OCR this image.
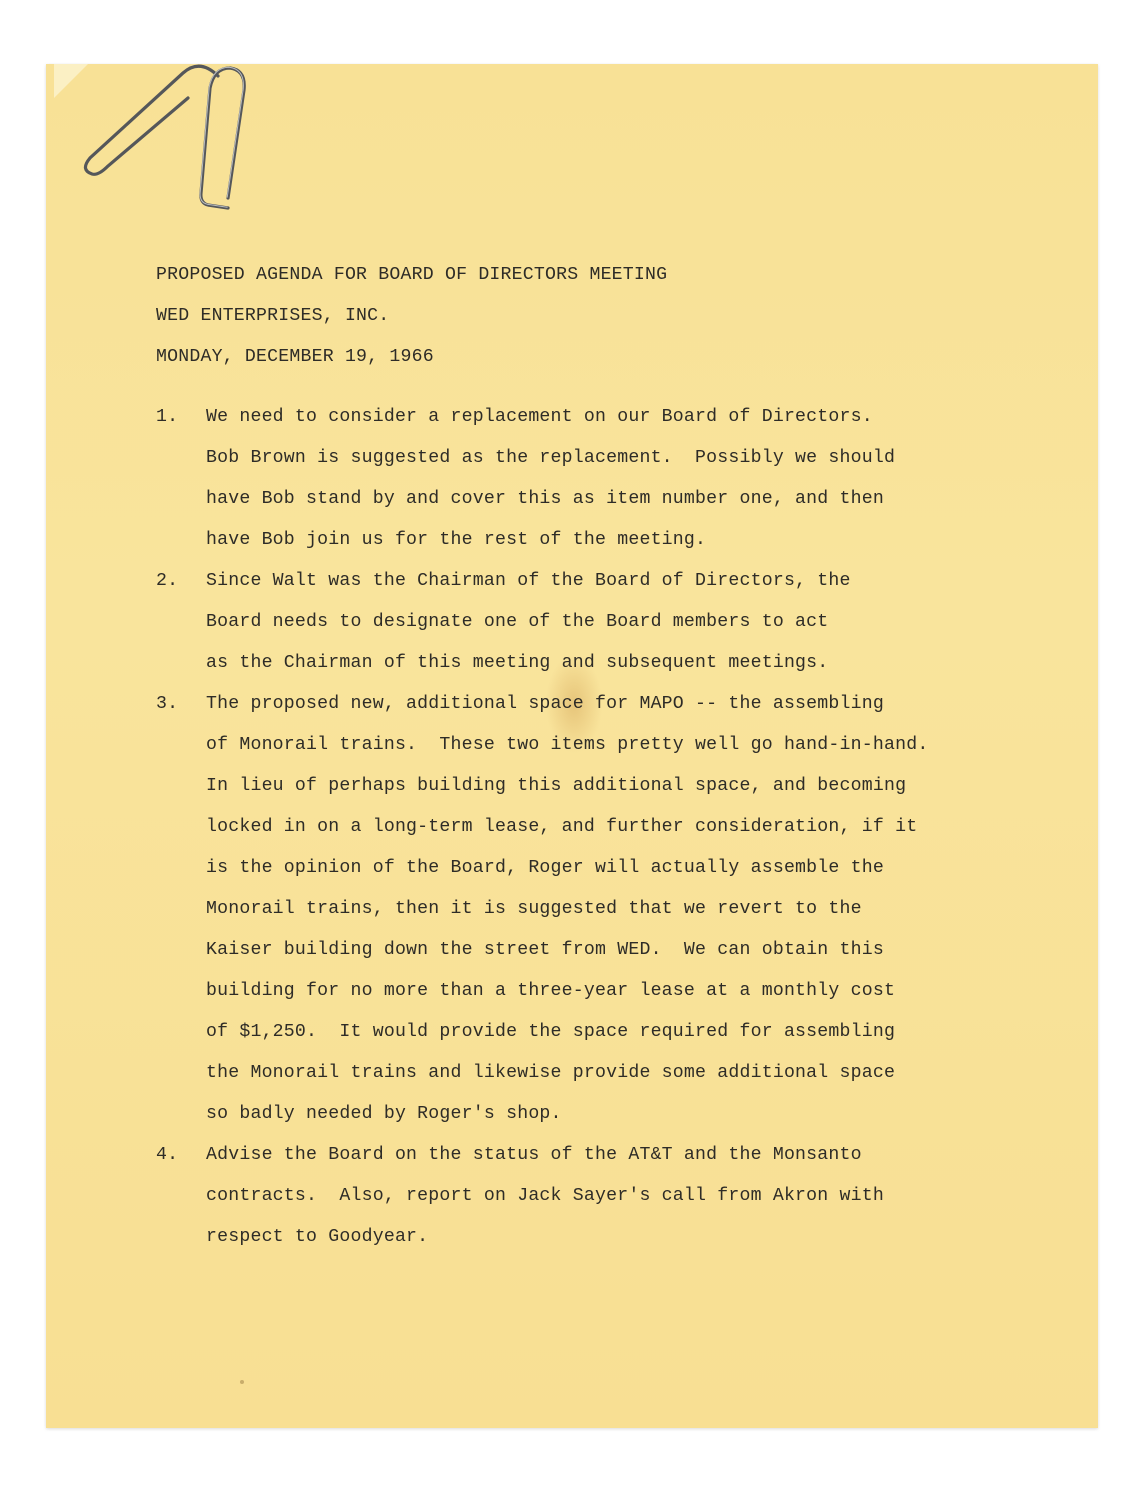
PROPOSED AGENDA FOR BOARD OF DIRECTORS MEETING
WED ENTERPRISES, INC.
MONDAY, DECEMBER 19, 1966
1.	We need to consider a replacement on our Board of Directors.
Bob Brown is suggested as the replacement.  Possibly we should
have Bob stand by and cover this as item number one, and then
have Bob join us for the rest of the meeting.
2.	Since Walt was the Chairman of the Board of Directors, the
Board needs to designate one of the Board members to act
as the Chairman of this meeting and subsequent meetings.
3.	The proposed new, additional space for MAPO -- the assembling
of Monorail trains.  These two items pretty well go hand-in-hand.
In lieu of perhaps building this additional space, and becoming
locked in on a long-term lease, and further consideration, if it
is the opinion of the Board, Roger will actually assemble the
Monorail trains, then it is suggested that we revert to the
Kaiser building down the street from WED.  We can obtain this
building for no more than a three-year lease at a monthly cost
of $1,250.  It would provide the space required for assembling
the Monorail trains and likewise provide some additional space
so badly needed by Roger's shop.
4.	Advise the Board on the status of the AT&T and the Monsanto
contracts.  Also, report on Jack Sayer's call from Akron with
respect to Goodyear.
